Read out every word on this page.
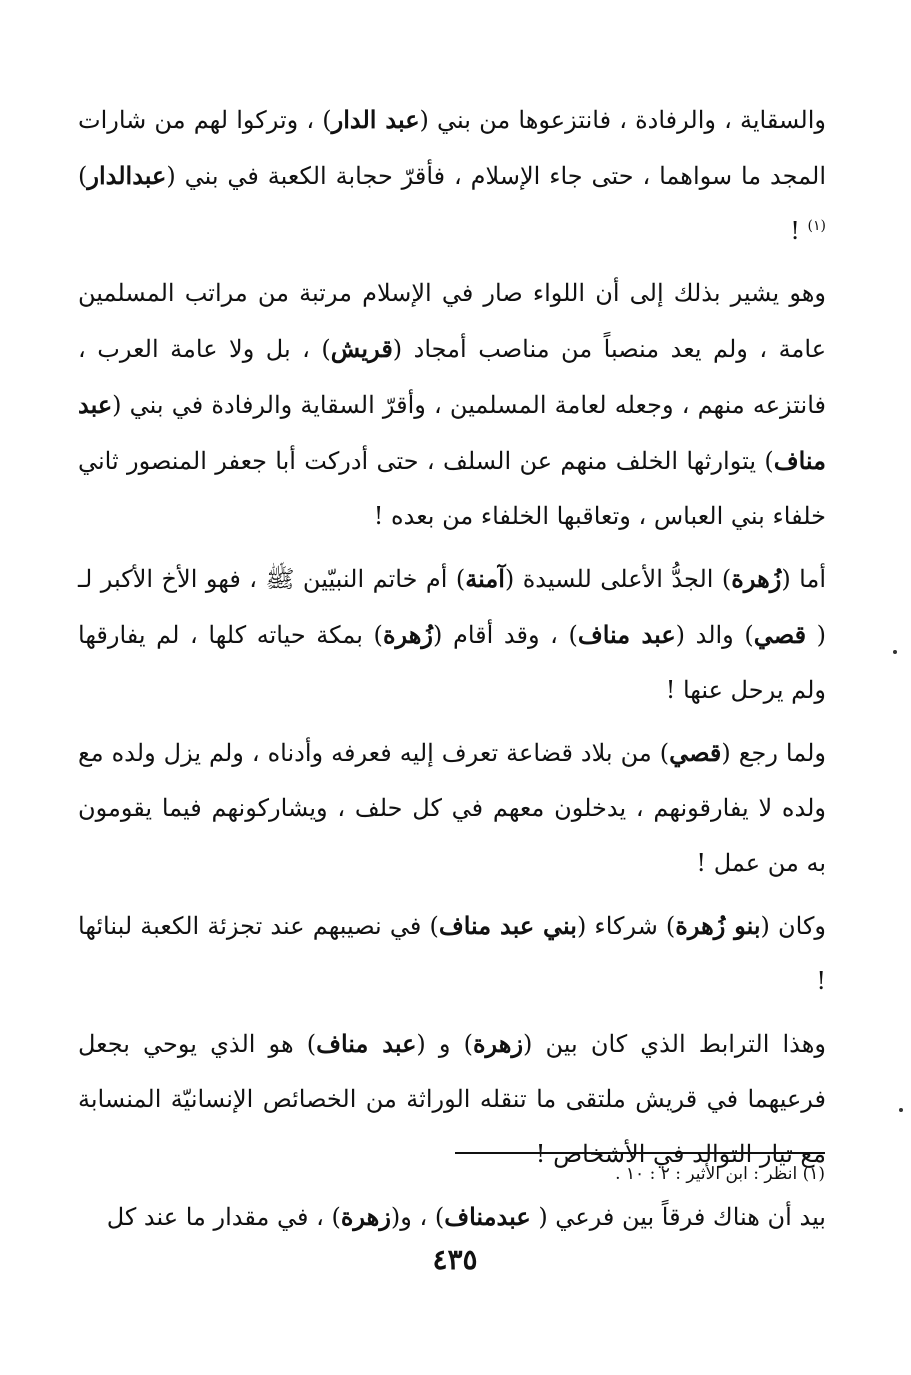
والسقاية ، والرفادة ، فانتزعوها من بني (عبد الدار) ، وتركوا لهم من شارات المجد ما سواهما ، حتى جاء الإسلام ، فأقرّ حجابة الكعبة في بني (عبدالدار)$^{(١)}$ !

وهو يشير بذلك إلى أن اللواء صار في الإسلام مرتبة من مراتب المسلمين عامة ، ولم يعد منصباً من مناصب أمجاد (قريش) ، بل ولا عامة العرب ، فانتزعه منهم ، وجعله لعامة المسلمين ، وأقرّ السقاية والرفادة في بني (عبد مناف) يتوارثها الخلف منهم عن السلف ، حتى أدركت أبا جعفر المنصور ثاني خلفاء بني العباس ، وتعاقبها الخلفاء من بعده !

أما (زُهرة) الجدُّ الأعلى للسيدة (آمنة) أم خاتم النبيّين ﷺ ، فهو الأخ الأكبر لـ ( قصي) والد (عبد مناف) ، وقد أقام (زُهرة) بمكة حياته كلها ، لم يفارقها ولم يرحل عنها !

ولما رجع (قصي) من بلاد قضاعة تعرف إليه فعرفه وأدناه ، ولم يزل ولده مع ولده لا يفارقونهم ، يدخلون معهم في كل حلف ، ويشاركونهم فيما يقومون به من عمل !

وكان (بنو زُهرة) شركاء (بني عبد مناف) في نصيبهم عند تجزئة الكعبة لبنائها !

وهذا الترابط الذي كان بين (زهرة) و (عبد مناف) هو الذي يوحي بجعل فرعيهما في قريش ملتقى ما تنقله الوراثة من الخصائص الإنسانيّة المنسابة مع تيار التوالد في الأشخاص !

بيد أن هناك فرقاً بين فرعي ( عبدمناف) ، و(زهرة) ، في مقدار ما عند كل

(١) انظر : ابن الأثير : ٢ : ١٠ .
٤٣٥
